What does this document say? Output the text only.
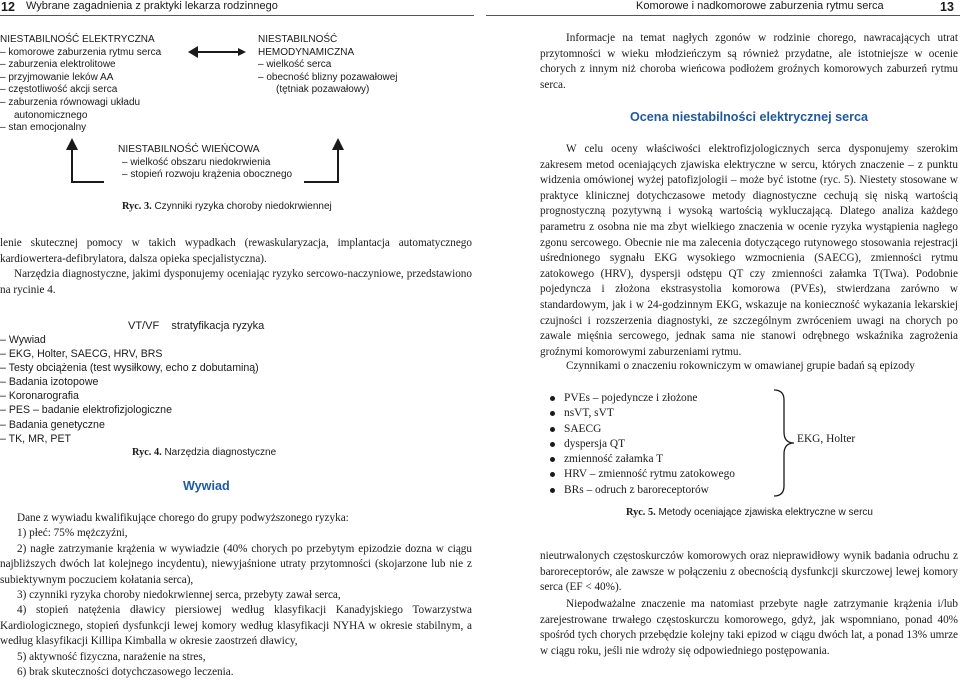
12 Wybrane zagadnienia z praktyki lekarza rodzinnego	Komorowe i nadkomorowe zaburzenia rytmu serca	13
NIESTABILNOŚĆ ELEKTRYCZNA
– komorowe zaburzenia rytmu serca
– zaburzenia elektrolitowe
– przyjmowanie leków AA
– częstotliwość akcji serca
– zaburzenia równowagi układu
autonomicznego
– stan emocjonalny
NIESTABILNOŚĆ
HEMODYNAMICZNA
– wielkość serca
– obecność blizny pozawałowej
(tętniak pozawałowy)
NIESTABILNOŚĆ WIEŃCOWA
– wielkość obszaru niedokrwienia
– stopień rozwoju krążenia obocznego
Ryc. 3. Czynniki ryzyka choroby niedokrwiennej
lenie skutecznej pomocy w takich wypadkach (rewaskularyzacja, implantacja automatycznego kardiowertera-defibrylatora, dalsza opieka specjalistyczna).
Narzędzia diagnostyczne, jakimi dysponujemy oceniając ryzyko sercowo-naczyniowe, przedstawiono na rycinie 4.
VT/VF    stratyfikacja ryzyka
– Wywiad
– EKG, Holter, SAECG, HRV, BRS
– Testy obciążenia (test wysiłkowy, echo z dobutaminą)
– Badania izotopowe
– Koronarografia
– PES – badanie elektrofizjologiczne
– Badania genetyczne
– TK, MR, PET
Ryc. 4. Narzędzia diagnostyczne
Wywiad
Dane z wywiadu kwalifikujące chorego do grupy podwyższonego ryzyka:
1) płeć: 75% mężczyźni,
2) nagłe zatrzymanie krążenia w wywiadzie (40% chorych po przebytym epizodzie dozna w ciągu najbliższych dwóch lat kolejnego incydentu), niewyjaśnione utraty przytomności (skojarzone lub nie z subiektywnym poczuciem kołatania serca),
3) czynniki ryzyka choroby niedokrwiennej serca, przebyty zawał serca,
4) stopień natężenia dławicy piersiowej według klasyfikacji Kanadyjskiego Towarzystwa Kardiologicznego, stopień dysfunkcji lewej komory według klasyfikacji NYHA w okresie stabilnym, a według klasyfikacji Killipa Kimballa w okresie zaostrzeń dławicy,
5) aktywność fizyczna, narażenie na stres,
6) brak skuteczności dotychczasowego leczenia.
Informacje na temat nagłych zgonów w rodzinie chorego, nawracających utrat przytomności w wieku młodzieńczym są również przydatne, ale istotniejsze w ocenie chorych z innym niż choroba wieńcowa podłożem groźnych komorowych zaburzeń rytmu serca.
Ocena niestabilności elektrycznej serca
W celu oceny właściwości elektrofizjologicznych serca dysponujemy szerokim zakresem metod oceniających zjawiska elektryczne w sercu, których znaczenie – z punktu widzenia omówionej wyżej patofizjologii – może być istotne (ryc. 5). Niestety stosowane w praktyce klinicznej dotychczasowe metody diagnostyczne cechują się niską wartością prognostyczną pozytywną i wysoką wartością wykluczającą. Dlatego analiza każdego parametru z osobna nie ma zbyt wielkiego znaczenia w ocenie ryzyka wystąpienia nagłego zgonu sercowego. Obecnie nie ma zalecenia dotyczącego rutynowego stosowania rejestracji uśrednionego sygnału EKG wysokiego wzmocnienia (SAECG), zmienności rytmu zatokowego (HRV), dyspersji odstępu QT czy zmienności załamka T(Twa). Podobnie pojedyncza i złożona ekstrasystolia komorowa (PVEs), stwierdzana zarówno w standardowym, jak i w 24-godzinnym EKG, wskazuje na konieczność wykazania lekarskiej czujności i rozszerzenia diagnostyki, ze szczególnym zwróceniem uwagi na chorych po zawale mięśnia sercowego, jednak sama nie stanowi odrębnego wskaźnika zagrożenia groźnymi komorowymi zaburzeniami rytmu.
Czynnikami o znaczeniu rokowniczym w omawianej grupie badań są epizody
PVEs – pojedyncze i złożone
nsVT, sVT
SAECG
dyspersja QT
zmienność załamka T
HRV – zmienność rytmu zatokowego
BRs – odruch z baroreceptorów
EKG, Holter
Ryc. 5. Metody oceniające zjawiska elektryczne w sercu
nieutrwalonych częstoskurczów komorowych oraz nieprawidłowy wynik badania odruchu z baroreceptorów, ale zawsze w połączeniu z obecnością dysfunkcji skurczowej lewej komory serca (EF < 40%).
Niepodważalne znaczenie ma natomiast przebyte nagłe zatrzymanie krążenia i/lub zarejestrowane trwałego częstoskurczu komorowego, gdyż, jak wspomniano, ponad 40% spośród tych chorych przebędzie kolejny taki epizod w ciągu dwóch lat, a ponad 13% umrze w ciągu roku, jeśli nie wdroży się odpowiedniego postępowania.
